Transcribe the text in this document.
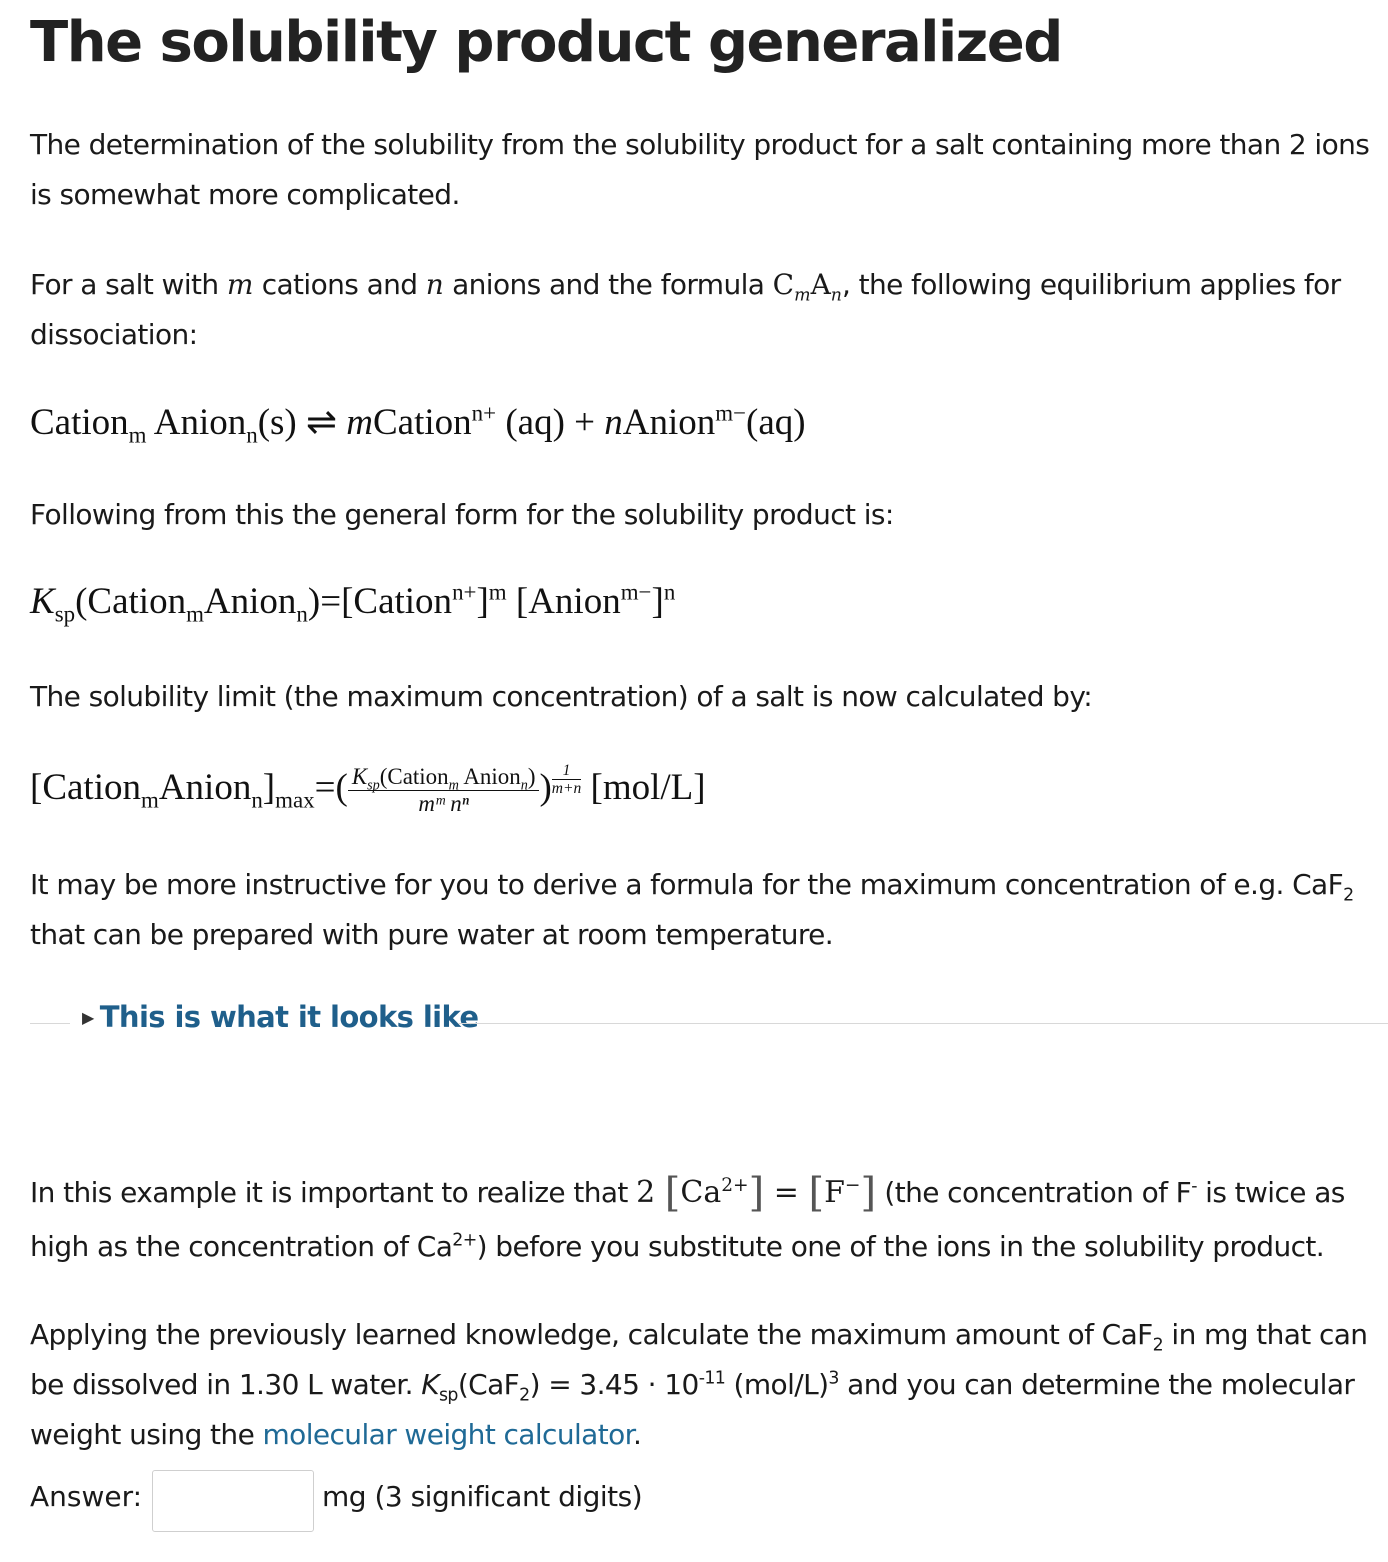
The solubility product generalized
The determination of the solubility from the solubility product for a salt containing more than 2 ions is somewhat more complicated.
For a salt with m cations and n anions and the formula $C_mA_n$, the following equilibrium applies for dissociation:
Cation$_m$ Anion$_n$(s) ⇌ mCation$^{n+}$ (aq) + nAnion$^{m-}$(aq)
Following from this the general form for the solubility product is:
$K_{sp}(Cation_mAnion_n)=[Cation^{n+}]^m$ [Anion$^{m-}$]$^n$
The solubility limit (the maximum concentration) of a salt is now calculated by:
$[Cation_mAnion_n]_{max}=( \frac{K_{sp}(Cation_m Anion_n)}{\text{mᵐ nⁿ}}$ ) $\frac{1}{m+n} [mol/L]$
It may be more instructive for you to derive a formula for the maximum concentration of e.g. CaF$_2$ that can be prepared with pure water at room temperature.
▶ This is what it looks like
In this example it is important to realize that 2 $[Ca^{2+}] = [F^-]$ (the concentration of F- is twice as high as the concentration of $Ca^{2+}$) before you substitute one of the ions in the solubility product.
Applying the previously learned knowledge, calculate the maximum amount of CaF$_2$ in mg that can be dissolved in 1.30 L water. $K_{sp}(CaF_2) = 3.45 \cdot 10^{-11}$ $(mol/L)^3$ and you can determine the molecular weight using the molecular weight calculator.
Answer:	mg (3 significant digits)
